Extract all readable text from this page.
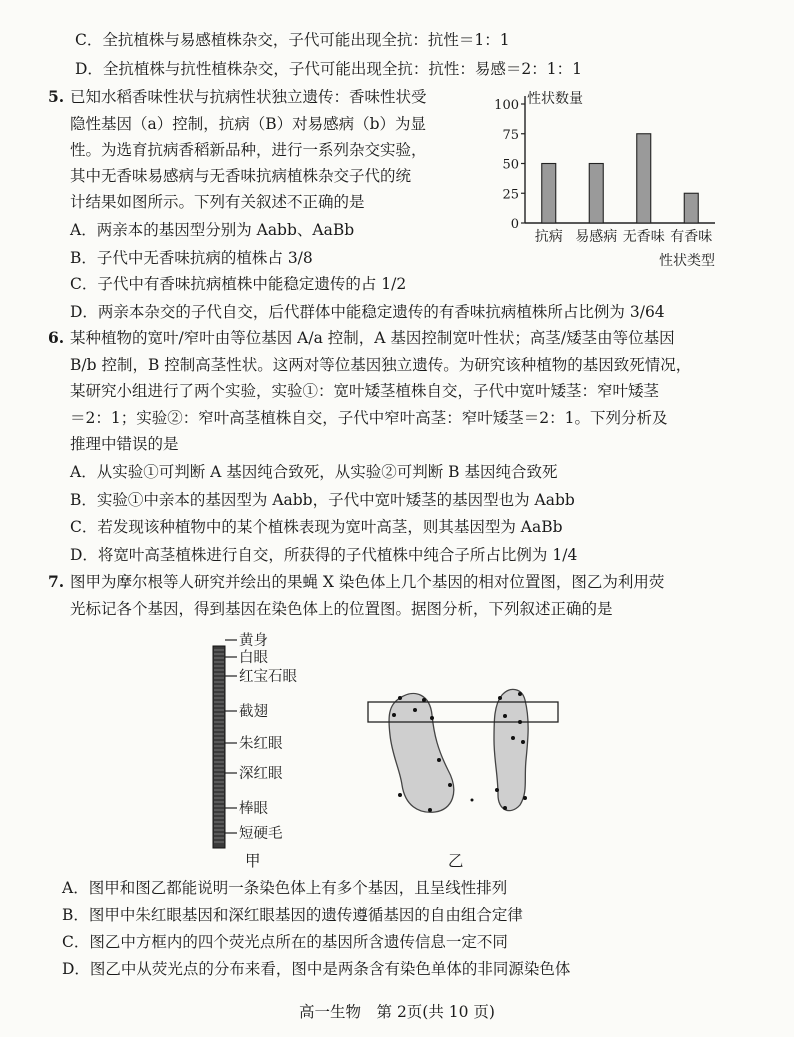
C．全抗植株与易感植株杂交，子代可能出现全抗：抗性＝1：1
D．全抗植株与抗性植株杂交，子代可能出现全抗：抗性：易感＝2：1：1
5. 已知水稻香味性状与抗病性状独立遗传：香味性状受
隐性基因（a）控制，抗病（B）对易感病（b）为显
性。为选育抗病香稻新品种，进行一系列杂交实验，
其中无香味易感病与无香味抗病植株杂交子代的统
计结果如图所示。下列有关叙述不正确的是
A．两亲本的基因型分别为 Aabb、AaBb
B．子代中无香味抗病的植株占 3/8
C．子代中有香味抗病植株中能稳定遗传的占 1/2
D．两亲本杂交的子代自交，后代群体中能稳定遗传的有香味抗病植株所占比例为 3/64
0
25
50
75
100 性状数量
抗病 易感病 无香味 有香味
性状类型
6. 某种植物的宽叶/窄叶由等位基因 A/a 控制，A 基因控制宽叶性状；高茎/矮茎由等位基因
B/b 控制，B 控制高茎性状。这两对等位基因独立遗传。为研究该种植物的基因致死情况，
某研究小组进行了两个实验，实验①：宽叶矮茎植株自交，子代中宽叶矮茎：窄叶矮茎
＝2：1；实验②：窄叶高茎植株自交，子代中窄叶高茎：窄叶矮茎＝2：1。下列分析及
推理中错误的是
A．从实验①可判断 A 基因纯合致死，从实验②可判断 B 基因纯合致死
B．实验①中亲本的基因型为 Aabb，子代中宽叶矮茎的基因型也为 Aabb
C．若发现该种植物中的某个植株表现为宽叶高茎，则其基因型为 AaBb
D．将宽叶高茎植株进行自交，所获得的子代植株中纯合子所占比例为 1/4
7. 图甲为摩尔根等人研究并绘出的果蝇 X 染色体上几个基因的相对位置图，图乙为利用荧
光标记各个基因，得到基因在染色体上的位置图。据图分析，下列叙述正确的是
黄身
白眼
红宝石眼
截翅
朱红眼
深红眼
棒眼
短硬毛
甲	乙
A．图甲和图乙都能说明一条染色体上有多个基因，且呈线性排列
B．图甲中朱红眼基因和深红眼基因的遗传遵循基因的自由组合定律
C．图乙中方框内的四个荧光点所在的基因所含遗传信息一定不同
D．图乙中从荧光点的分布来看，图中是两条含有染色单体的非同源染色体
高一生物　第 2页(共 10 页)
